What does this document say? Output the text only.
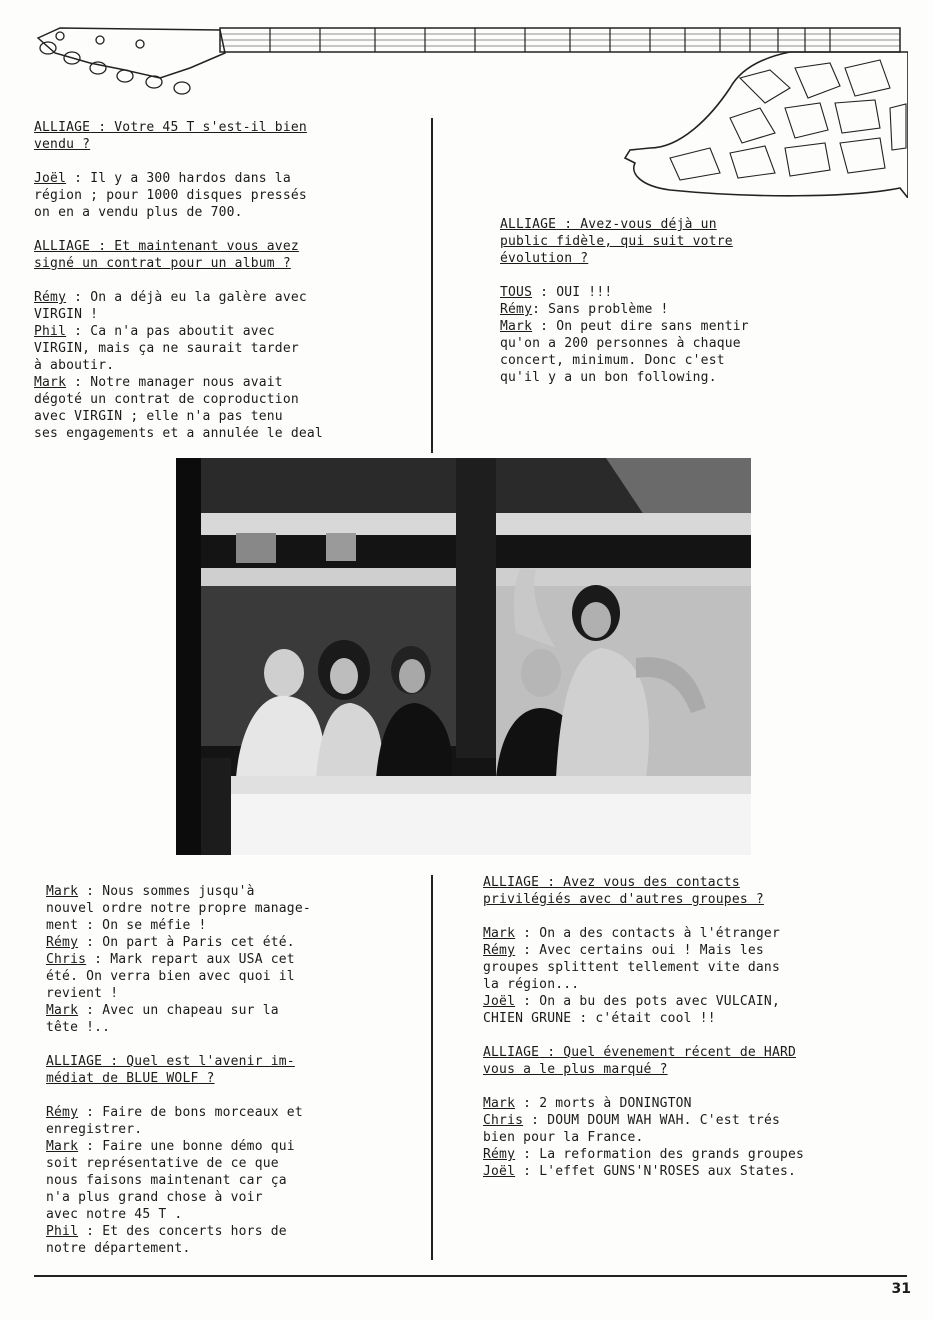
ALLIAGE : Votre 45 T s'est-il bien
vendu ?
Joël : Il y a 300 hardos dans la
région ; pour 1000 disques pressés
on en a vendu plus de 700.
ALLIAGE : Et maintenant vous avez
signé un contrat pour un album ?
Rémy : On a déjà eu la galère avec
VIRGIN !
Phil : Ca n'a pas aboutit avec
VIRGIN, mais ça ne saurait tarder
à aboutir.
Mark : Notre manager nous avait
dégoté un contrat de coproduction
avec VIRGIN ; elle n'a pas tenu
ses engagements et a annulée le deal
ALLIAGE : Avez-vous déjà un
public fidèle, qui suit votre
évolution ?
TOUS : OUI !!!
Rémy: Sans problème !
Mark : On peut dire sans mentir
qu'on a 200 personnes à chaque
concert, minimum. Donc c'est
qu'il y a un bon following.
Mark : Nous sommes jusqu'à
nouvel ordre notre propre manage-
ment : On se méfie !
Rémy : On part à Paris cet été.
Chris : Mark repart aux USA cet
été. On verra bien avec quoi il
revient !
Mark : Avec un chapeau sur la
tête !..
ALLIAGE : Quel est l'avenir im-
médiat de BLUE WOLF ?
Rémy : Faire de bons morceaux et
enregistrer.
Mark : Faire une bonne démo qui
soit représentative de ce que
nous faisons maintenant car ça
n'a plus grand chose à voir
avec notre 45 T .
Phil : Et des concerts hors de
notre département.
ALLIAGE : Avez vous des contacts
privilégiés avec d'autres groupes ?
Mark : On a des contacts à l'étranger
Rémy : Avec certains oui ! Mais les
groupes splittent tellement vite dans
la région...
Joël : On a bu des pots avec VULCAIN,
CHIEN GRUNE : c'était cool !!
ALLIAGE : Quel évenement récent de HARD
vous a le plus marqué ?
Mark : 2 morts à DONINGTON
Chris : DOUM DOUM WAH WAH. C'est trés
bien pour la France.
Rémy : La reformation des grands groupes
Joël : L'effet GUNS'N'ROSES aux States.
31
